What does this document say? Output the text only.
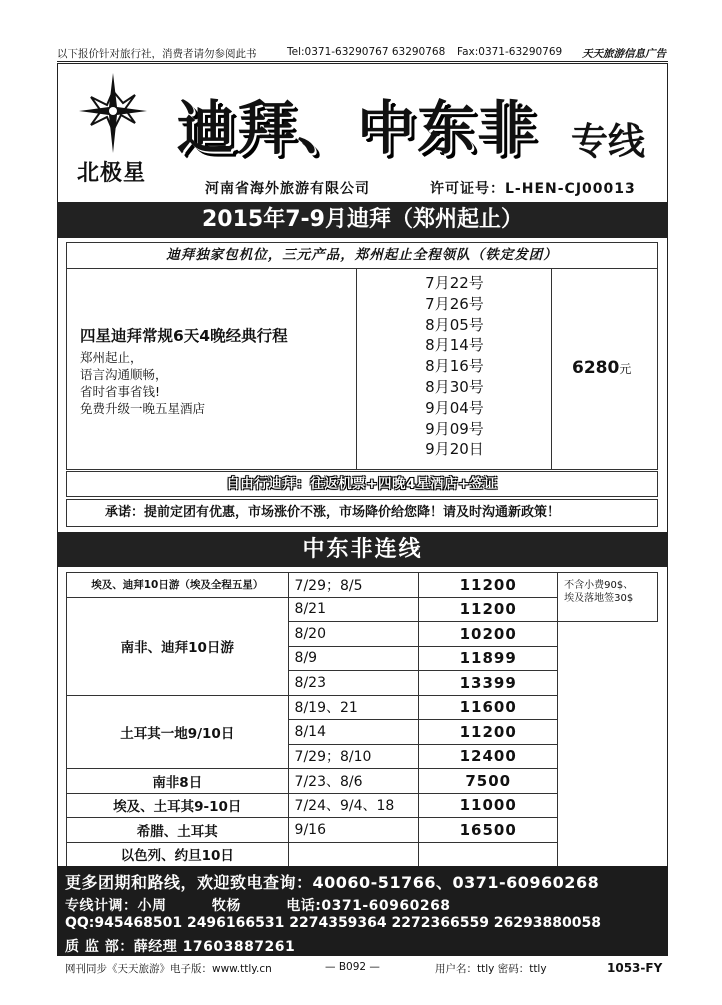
以下报价针对旅行社，消费者请勿参阅此书	Tel:0371-63290767 63290768 Fax:0371-63290769 天天旅游信息广告
北极星
迪拜、中东非 专线
河南省海外旅游有限公司	许可证号：L-HEN-CJ00013
2015年7-9月迪拜（郑州起止）
迪拜独家包机位，三元产品，郑州起止全程领队（铁定发团）
四星迪拜常规6天4晚经典行程
郑州起止，
语言沟通顺畅，
省时省事省钱!
免费升级一晚五星酒店
7月22号
7月26号
8月05号
8月14号
8月16号
8月30号
9月04号
9月09号
9月20日
6280元
自由行迪拜：往返机票+四晚4星酒店+签证
承诺：提前定团有优惠，市场涨价不涨，市场降价给您降！请及时沟通新政策！
中东非连线
埃及、迪拜10日游（埃及全程五星）	7/29；8/5	11200	不含小费90$、
埃及落地签30$

南非、迪拜10日游	8/21	11200	
	8/20	10200	
	8/9	11899	
	8/23	13399	
土耳其一地9/10日	8/19、21	11600	
	8/14	11200	
	7/29；8/10	12400	
南非8日	7/23、8/6	7500	
埃及、土耳其9-10日	7/24、9/4、18	11000	
希腊、土耳其	9/16	16500	
以色列、约旦10日			
更多团期和路线，欢迎致电查询：40060-51766、0371-60960268
专线计调：小周	牧杨	电话:0371-60960268
QQ:945468501 2496166531 2274359364 2272366559 26293880058
质 监 部：薛经理 17603887261
网刊同步《天天旅游》电子版：www.ttly.cn	— B092 —	用户名：ttly 密码：ttly	1053-FY
